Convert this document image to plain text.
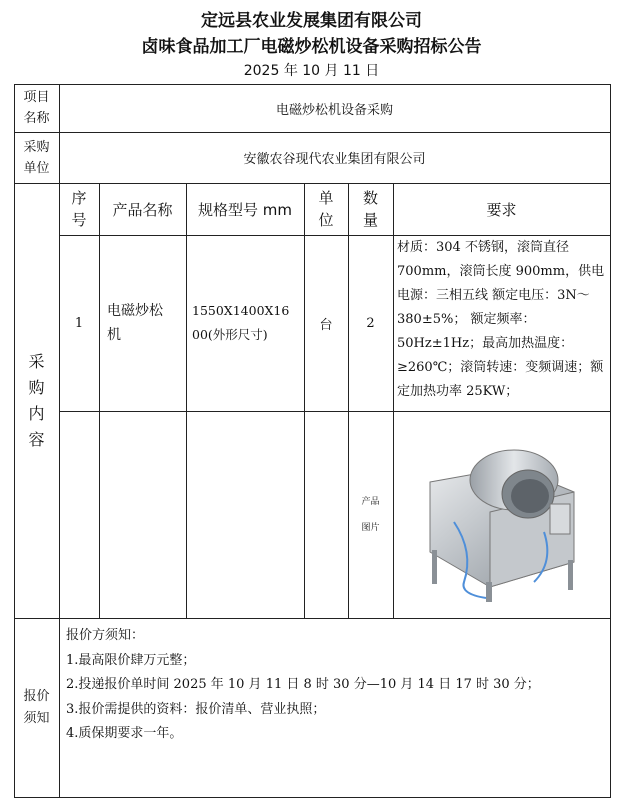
定远县农业发展集团有限公司
卤味食品加工厂电磁炒松机设备采购招标公告
2025 年 10 月 11 日
项目
名称
电磁炒松机设备采购
采购
单位
安徽农谷现代农业集团有限公司
采
购
内
容
序
号
产品名称	规格型号 mm
单
位
数
量
要求
1
电磁炒松
机
1550X1400X16
00(外形尺寸)
台	2
材质：304 不锈钢，滚筒直径 700mm，滚筒长度 900mm，供电电源：三相五线 额定电压：3N～380±5%； 额定频率：50Hz±1Hz；最高加热温度：≥260℃；滚筒转速：变频调速；额定加热功率 25KW；
产品
图片
报价
须知
报价方须知：
1.最高限价肆万元整；
2.投递报价单时间 2025 年 10 月 11 日 8 时 30 分—10 月 14 日 17 时 30 分；
3.报价需提供的资料：报价清单、营业执照；
4.质保期要求一年。
